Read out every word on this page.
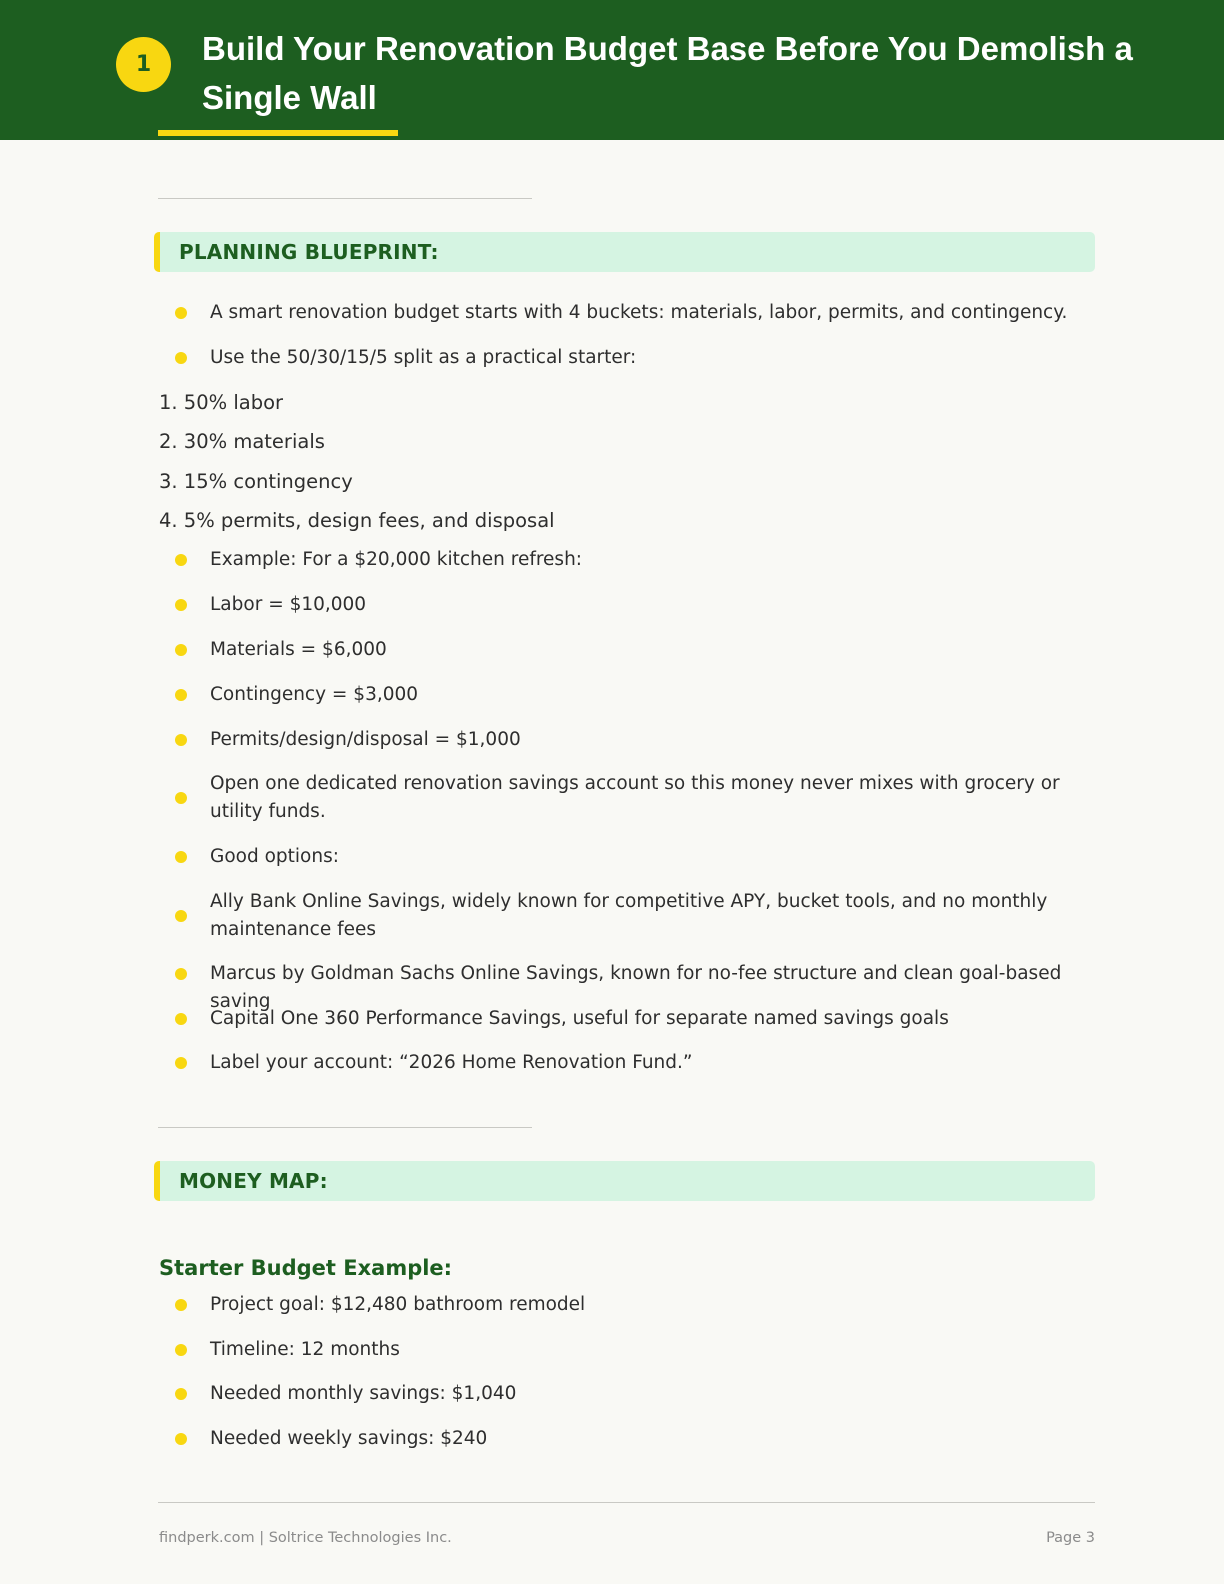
1	Build Your Renovation Budget Base Before You Demolish a Single Wall
PLANNING BLUEPRINT:
A smart renovation budget starts with 4 buckets: materials, labor, permits, and contingency.
Use the 50/30/15/5 split as a practical starter:
1. 50% labor
2. 30% materials
3. 15% contingency
4. 5% permits, design fees, and disposal
Example: For a $20,000 kitchen refresh:
Labor = $10,000
Materials = $6,000
Contingency = $3,000
Permits/design/disposal = $1,000
Open one dedicated renovation savings account so this money never mixes with grocery or utility funds.
Good options:
Ally Bank Online Savings, widely known for competitive APY, bucket tools, and no monthly maintenance fees
Marcus by Goldman Sachs Online Savings, known for no-fee structure and clean goal-based saving
Capital One 360 Performance Savings, useful for separate named savings goals
Label your account: “2026 Home Renovation Fund.”
MONEY MAP:
Starter Budget Example:
Project goal: $12,480 bathroom remodel
Timeline: 12 months
Needed monthly savings: $1,040
Needed weekly savings: $240
findperk.com | Soltrice Technologies Inc.	Page 3
